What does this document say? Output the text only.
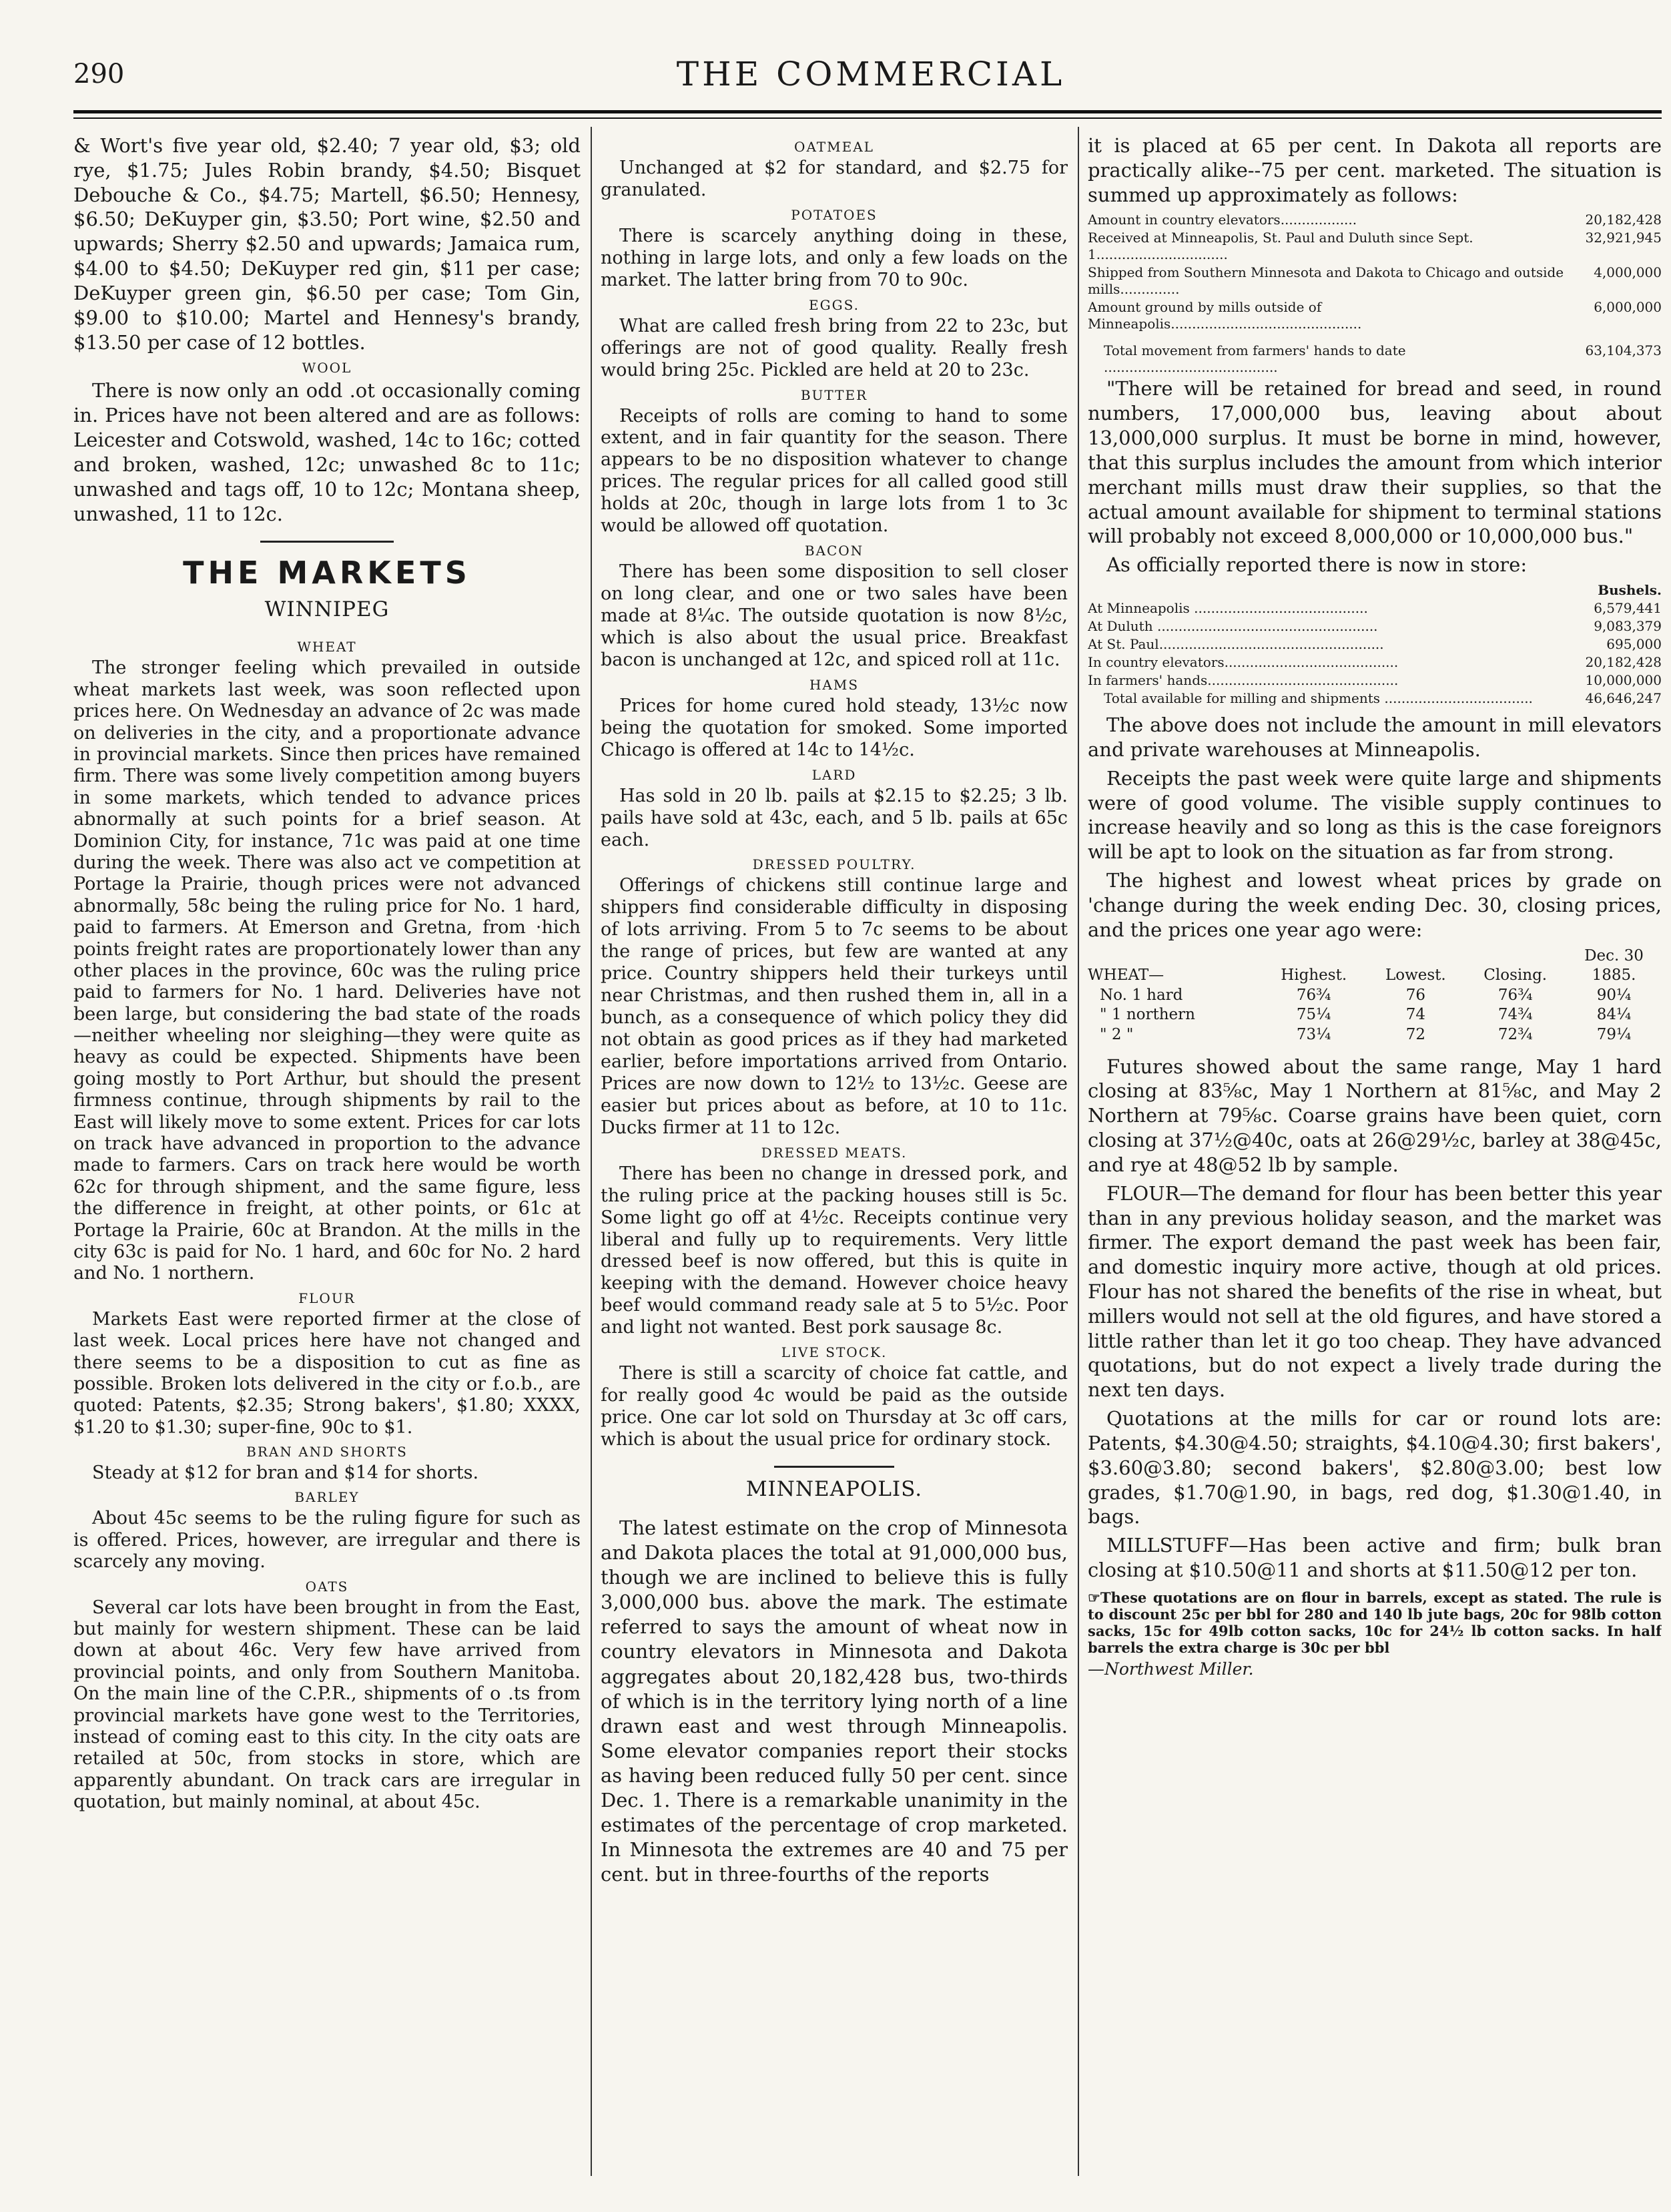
290	THE COMMERCIAL

& Wort's five year old, $2.40; 7 year old, $3; old rye, $1.75; Jules Robin brandy, $4.50; Bisquet Debouche & Co., $4.75; Martell, $6.50; Hennesy, $6.50; DeKuyper gin, $3.50; Port wine, $2.50 and upwards; Sherry $2.50 and upwards; Jamaica rum, $4.00 to $4.50; DeKuyper red gin, $11 per case; DeKuyper green gin, $6.50 per case; Tom Gin, $9.00 to $10.00; Martel and Hennesy's brandy, $13.50 per case of 12 bottles.

WOOL

There is now only an odd .ot occasionally coming in. Prices have not been altered and are as follows: Leicester and Cotswold, washed, 14c to 16c; cotted and broken, washed, 12c; unwashed 8c to 11c; unwashed and tags off, 10 to 12c; Montana sheep, unwashed, 11 to 12c.

THE MARKETS
WINNIPEG
WHEAT

The stronger feeling which prevailed in outside wheat markets last week, was soon reflected upon prices here. On Wednesday an advance of 2c was made on deliveries in the city, and a proportionate advance in provincial markets. Since then prices have remained firm. There was some lively competition among buyers in some markets, which tended to advance prices abnormally at such points for a brief season. At Dominion City, for instance, 71c was paid at one time during the week. There was also act ve competition at Portage la Prairie, though prices were not advanced abnormally, 58c being the ruling price for No. 1 hard, paid to farmers. At Emerson and Gretna, from ·hich points freight rates are proportionately lower than any other places in the province, 60c was the ruling price paid to farmers for No. 1 hard. Deliveries have not been large, but considering the bad state of the roads—neither wheeling nor sleighing—they were quite as heavy as could be expected. Shipments have been going mostly to Port Arthur, but should the present firmness continue, through shipments by rail to the East will likely move to some extent. Prices for car lots on track have advanced in proportion to the advance made to farmers. Cars on track here would be worth 62c for through shipment, and the same figure, less the difference in freight, at other points, or 61c at Portage la Prairie, 60c at Brandon. At the mills in the city 63c is paid for No. 1 hard, and 60c for No. 2 hard and No. 1 northern.

FLOUR

Markets East were reported firmer at the close of last week. Local prices here have not changed and there seems to be a disposition to cut as fine as possible. Broken lots delivered in the city or f.o.b., are quoted: Patents, $2.35; Strong bakers', $1.80; XXXX, $1.20 to $1.30; super-fine, 90c to $1.

BRAN AND SHORTS

Steady at $12 for bran and $14 for shorts.

BARLEY

About 45c seems to be the ruling figure for such as is offered. Prices, however, are irregular and there is scarcely any moving.

OATS

Several car lots have been brought in from the East, but mainly for western shipment. These can be laid down at about 46c. Very few have arrived from provincial points, and only from Southern Manitoba. On the main line of the C.P.R., shipments of o .ts from provincial markets have gone west to the Territories, instead of coming east to this city. In the city oats are retailed at 50c, from stocks in store, which are apparently abundant. On track cars are irregular in quotation, but mainly nominal, at about 45c.

OATMEAL

Unchanged at $2 for standard, and $2.75 for granulated.

POTATOES

There is scarcely anything doing in these, nothing in large lots, and only a few loads on the market. The latter bring from 70 to 90c.

EGGS.

What are called fresh bring from 22 to 23c, but offerings are not of good quality. Really fresh would bring 25c. Pickled are held at 20 to 23c.

BUTTER

Receipts of rolls are coming to hand to some extent, and in fair quantity for the season. There appears to be no disposition whatever to change prices. The regular prices for all called good still holds at 20c, though in large lots from 1 to 3c would be allowed off quotation.

BACON

There has been some disposition to sell closer on long clear, and one or two sales have been made at 8¼c. The outside quotation is now 8½c, which is also about the usual price. Breakfast bacon is unchanged at 12c, and spiced roll at 11c.

HAMS

Prices for home cured hold steady, 13½c now being the quotation for smoked. Some imported Chicago is offered at 14c to 14½c.

LARD

Has sold in 20 lb. pails at $2.15 to $2.25; 3 lb. pails have sold at 43c, each, and 5 lb. pails at 65c each.

DRESSED POULTRY.

Offerings of chickens still continue large and shippers find considerable difficulty in disposing of lots arriving. From 5 to 7c seems to be about the range of prices, but few are wanted at any price. Country shippers held their turkeys until near Christmas, and then rushed them in, all in a bunch, as a consequence of which policy they did not obtain as good prices as if they had marketed earlier, before importations arrived from Ontario. Prices are now down to 12½ to 13½c. Geese are easier but prices about as before, at 10 to 11c. Ducks firmer at 11 to 12c.

DRESSED MEATS.

There has been no change in dressed pork, and the ruling price at the packing houses still is 5c. Some light go off at 4½c. Receipts continue very liberal and fully up to requirements. Very little dressed beef is now offered, but this is quite in keeping with the demand. However choice heavy beef would command ready sale at 5 to 5½c. Poor and light not wanted. Best pork sausage 8c.

LIVE STOCK.

There is still a scarcity of choice fat cattle, and for really good 4c would be paid as the outside price. One car lot sold on Thursday at 3c off cars, which is about the usual price for ordinary stock.

MINNEAPOLIS.

The latest estimate on the crop of Minnesota and Dakota places the total at 91,000,000 bus, though we are inclined to believe this is fully 3,000,000 bus. above the mark. The estimate referred to says the amount of wheat now in country elevators in Minnesota and Dakota aggregates about 20,182,428 bus, two-thirds of which is in the territory lying north of a line drawn east and west through Minneapolis. Some elevator companies report their stocks as having been reduced fully 50 per cent. since Dec. 1. There is a remarkable unanimity in the estimates of the percentage of crop marketed. In Minnesota the extremes are 40 and 75 per cent. but in three-fourths of the reports

it is placed at 65 per cent. In Dakota all reports are practically alike--75 per cent. marketed. The situation is summed up approximately as follows:

Amount in country elevators..................	20,182,428
Received at Minneapolis, St. Paul and Duluth since Sept. 1...............................	32,921,945
Shipped from Southern Minnesota and Dakota to Chicago and outside mills..............	4,000,000
Amount ground by mills outside of Minneapolis.............................................	6,000,000
Total movement from farmers' hands to date .........................................	63,104,373

"There will be retained for bread and seed, in round numbers, 17,000,000 bus, leaving about about 13,000,000 surplus. It must be borne in mind, however, that this surplus includes the amount from which interior merchant mills must draw their supplies, so that the actual amount available for shipment to terminal stations will probably not exceed 8,000,000 or 10,000,000 bus."

As officially reported there is now in store:

	Bushels.
At Minneapolis .........................................	6,579,441
At Duluth ....................................................	9,083,379
At St. Paul.....................................................	695,000
In country elevators.........................................	20,182,428
In farmers' hands.............................................	10,000,000
Total available for milling and shipments ...................................	46,646,247

The above does not include the amount in mill elevators and private warehouses at Minneapolis.

Receipts the past week were quite large and shipments were of good volume. The visible supply continues to increase heavily and so long as this is the case foreignors will be apt to look on the situation as far from strong.

The highest and lowest wheat prices by grade on 'change during the week ending Dec. 30, closing prices, and the prices one year ago were:

				Dec. 30
WHEAT—	Highest.	Lowest.	Closing.	1885.
No. 1 hard	76¾	76	76¾	90¼
" 1 northern	75¼	74	74¾	84¼
" 2 "	73¼	72	72¾	79¼

Futures showed about the same range, May 1 hard closing at 83⅝c, May 1 Northern at 81⅝c, and May 2 Northern at 79⅝c. Coarse grains have been quiet, corn closing at 37½@40c, oats at 26@29½c, barley at 38@45c, and rye at 48@52 lb by sample.

FLOUR—The demand for flour has been better this year than in any previous holiday season, and the market was firmer. The export demand the past week has been fair, and domestic inquiry more active, though at old prices. Flour has not shared the benefits of the rise in wheat, but millers would not sell at the old figures, and have stored a little rather than let it go too cheap. They have advanced quotations, but do not expect a lively trade during the next ten days.

Quotations at the mills for car or round lots are: Patents, $4.30@4.50; straights, $4.10@4.30; first bakers', $3.60@3.80; second bakers', $2.80@3.00; best low grades, $1.70@1.90, in bags, red dog, $1.30@1.40, in bags.

MILLSTUFF—Has been active and firm; bulk bran closing at $10.50@11 and shorts at $11.50@12 per ton.

☞These quotations are on flour in barrels, except as stated. The rule is to discount 25c per bbl for 280 and 140 lb jute bags, 20c for 98lb cotton sacks, 15c for 49lb cotton sacks, 10c for 24½ lb cotton sacks. In half barrels the extra charge is 30c per bbl
—Northwest Miller.
